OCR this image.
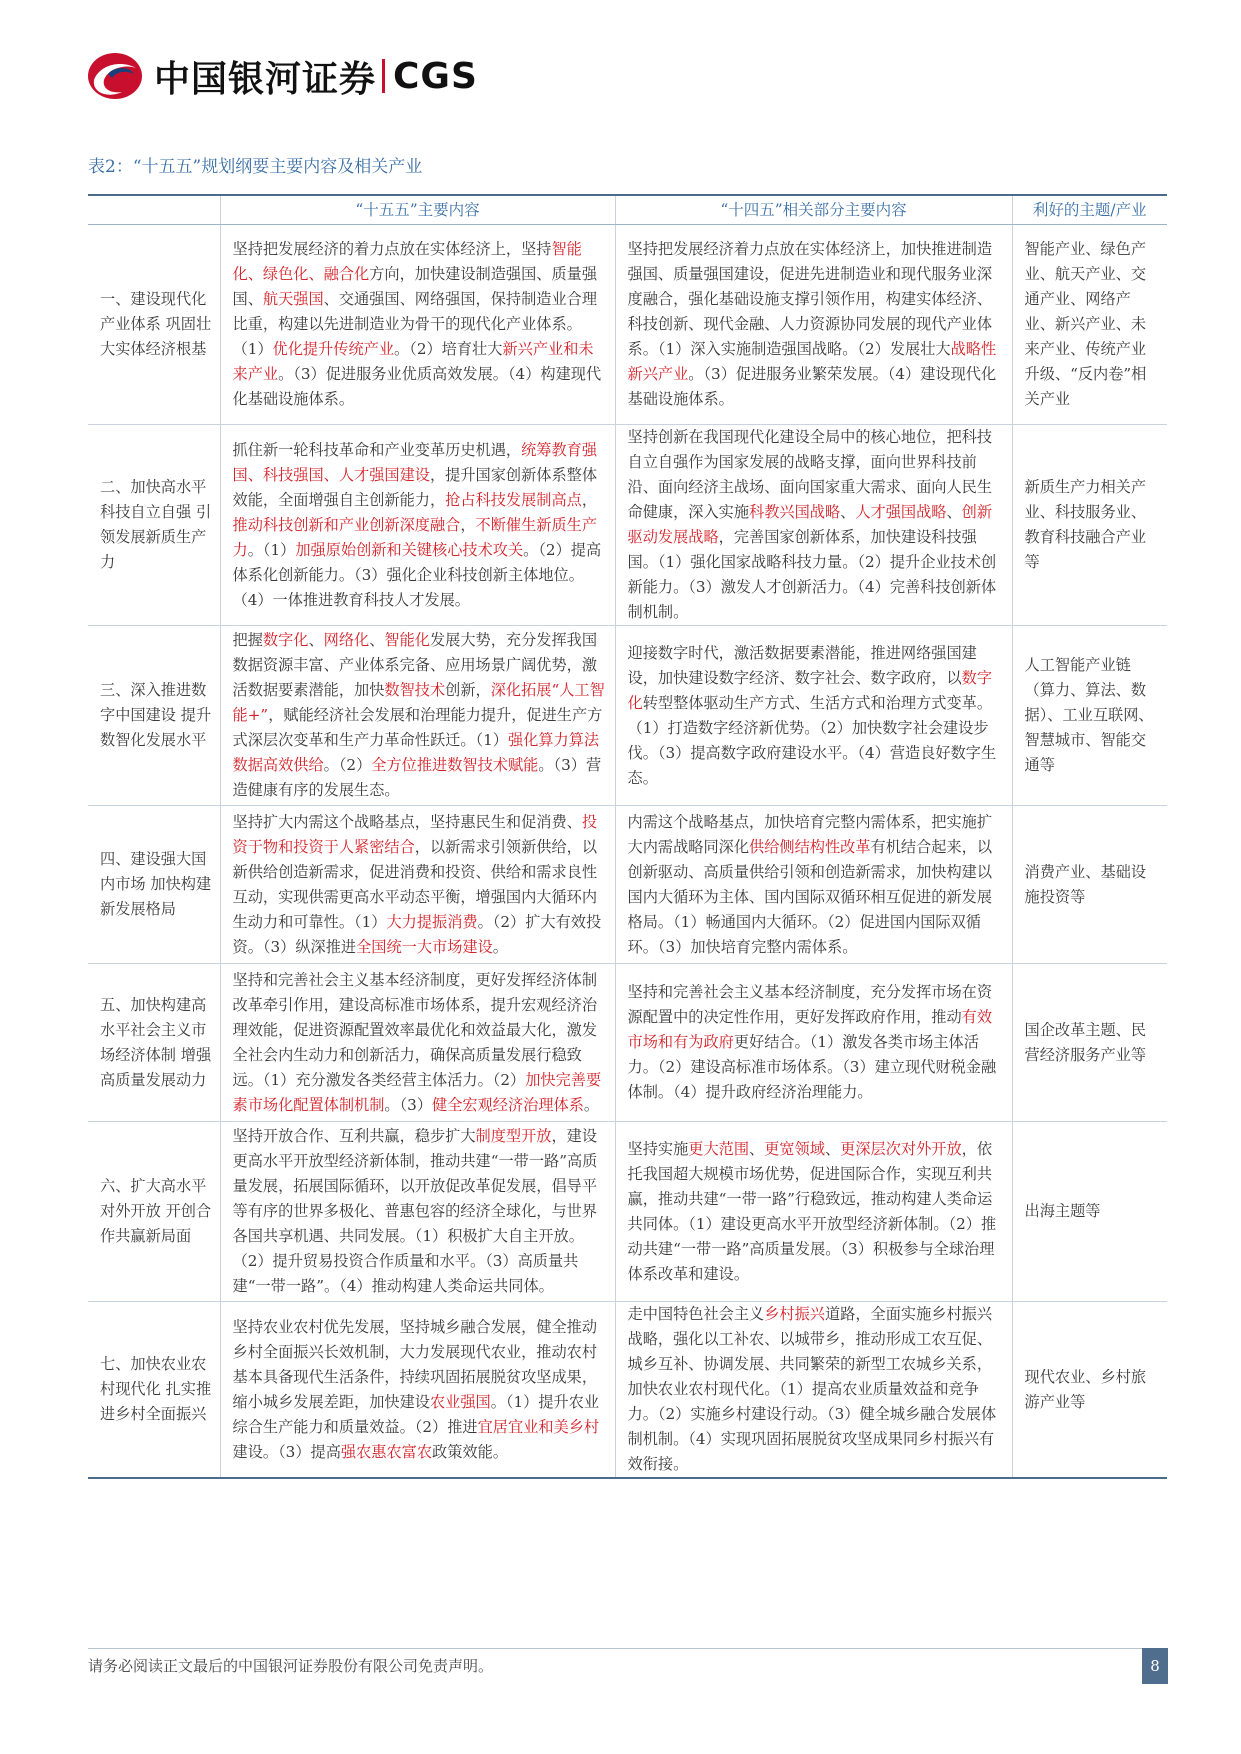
中国银河证券 CGS
表2：“十五五”规划纲要主要内容及相关产业
	“十五五”主要内容	“十四五”相关部分主要内容	利好的主题/产业
一、建设现代化产业体系 巩固壮大实体经济根基	坚持把发展经济的着力点放在实体经济上，坚持智能化、绿色化、融合化方向，加快建设制造强国、质量强国、航天强国、交通强国、网络强国，保持制造业合理比重，构建以先进制造业为骨干的现代化产业体系。（1）优化提升传统产业。（2）培育壮大新兴产业和未来产业。（3）促进服务业优质高效发展。（4）构建现代化基础设施体系。	坚持把发展经济着力点放在实体经济上，加快推进制造强国、质量强国建设，促进先进制造业和现代服务业深度融合，强化基础设施支撑引领作用，构建实体经济、科技创新、现代金融、人力资源协同发展的现代产业体系。（1）深入实施制造强国战略。（2）发展壮大战略性新兴产业。（3）促进服务业繁荣发展。（4）建设现代化基础设施体系。	智能产业、绿色产业、航天产业、交通产业、网络产业、新兴产业、未来产业、传统产业升级、“反内卷”相关产业
二、加快高水平科技自立自强 引领发展新质生产力	抓住新一轮科技革命和产业变革历史机遇，统筹教育强国、科技强国、人才强国建设，提升国家创新体系整体效能，全面增强自主创新能力，抢占科技发展制高点，推动科技创新和产业创新深度融合，不断催生新质生产力。（1）加强原始创新和关键核心技术攻关。（2）提高体系化创新能力。（3）强化企业科技创新主体地位。（4）一体推进教育科技人才发展。	坚持创新在我国现代化建设全局中的核心地位，把科技自立自强作为国家发展的战略支撑，面向世界科技前沿、面向经济主战场、面向国家重大需求、面向人民生命健康，深入实施科教兴国战略、人才强国战略、创新驱动发展战略，完善国家创新体系，加快建设科技强国。（1）强化国家战略科技力量。（2）提升企业技术创新能力。（3）激发人才创新活力。（4）完善科技创新体制机制。	新质生产力相关产业、科技服务业、教育科技融合产业等
三、深入推进数字中国建设 提升数智化发展水平	把握数字化、网络化、智能化发展大势，充分发挥我国数据资源丰富、产业体系完备、应用场景广阔优势，激活数据要素潜能，加快数智技术创新，深化拓展“人工智能+”，赋能经济社会发展和治理能力提升，促进生产方式深层次变革和生产力革命性跃迁。（1）强化算力算法数据高效供给。（2）全方位推进数智技术赋能。（3）营造健康有序的发展生态。	迎接数字时代，激活数据要素潜能，推进网络强国建设，加快建设数字经济、数字社会、数字政府，以数字化转型整体驱动生产方式、生活方式和治理方式变革。（1）打造数字经济新优势。（2）加快数字社会建设步伐。（3）提高数字政府建设水平。（4）营造良好数字生态。	人工智能产业链（算力、算法、数据）、工业互联网、智慧城市、智能交通等
四、建设强大国内市场 加快构建新发展格局	坚持扩大内需这个战略基点，坚持惠民生和促消费、投资于物和投资于人紧密结合，以新需求引领新供给，以新供给创造新需求，促进消费和投资、供给和需求良性互动，实现供需更高水平动态平衡，增强国内大循环内生动力和可靠性。（1）大力提振消费。（2）扩大有效投资。（3）纵深推进全国统一大市场建设。	内需这个战略基点，加快培育完整内需体系，把实施扩大内需战略同深化供给侧结构性改革有机结合起来，以创新驱动、高质量供给引领和创造新需求，加快构建以国内大循环为主体、国内国际双循环相互促进的新发展格局。（1）畅通国内大循环。（2）促进国内国际双循环。（3）加快培育完整内需体系。	消费产业、基础设施投资等
五、加快构建高水平社会主义市场经济体制 增强高质量发展动力	坚持和完善社会主义基本经济制度，更好发挥经济体制改革牵引作用，建设高标准市场体系，提升宏观经济治理效能，促进资源配置效率最优化和效益最大化，激发全社会内生动力和创新活力，确保高质量发展行稳致远。（1）充分激发各类经营主体活力。（2）加快完善要素市场化配置体制机制。（3）健全宏观经济治理体系。	坚持和完善社会主义基本经济制度，充分发挥市场在资源配置中的决定性作用，更好发挥政府作用，推动有效市场和有为政府更好结合。（1）激发各类市场主体活力。（2）建设高标准市场体系。（3）建立现代财税金融体制。（4）提升政府经济治理能力。	国企改革主题、民营经济服务产业等
六、扩大高水平对外开放 开创合作共赢新局面	坚持开放合作、互利共赢，稳步扩大制度型开放，建设更高水平开放型经济新体制，推动共建“一带一路”高质量发展，拓展国际循环，以开放促改革促发展，倡导平等有序的世界多极化、普惠包容的经济全球化，与世界各国共享机遇、共同发展。（1）积极扩大自主开放。（2）提升贸易投资合作质量和水平。（3）高质量共建“一带一路”。（4）推动构建人类命运共同体。	坚持实施更大范围、更宽领域、更深层次对外开放，依托我国超大规模市场优势，促进国际合作，实现互利共赢，推动共建“一带一路”行稳致远，推动构建人类命运共同体。（1）建设更高水平开放型经济新体制。（2）推动共建“一带一路”高质量发展。（3）积极参与全球治理体系改革和建设。	出海主题等
七、加快农业农村现代化 扎实推进乡村全面振兴	坚持农业农村优先发展，坚持城乡融合发展，健全推动乡村全面振兴长效机制，大力发展现代农业，推动农村基本具备现代生活条件，持续巩固拓展脱贫攻坚成果，缩小城乡发展差距，加快建设农业强国。（1）提升农业综合生产能力和质量效益。（2）推进宜居宜业和美乡村建设。（3）提高强农惠农富农政策效能。	走中国特色社会主义乡村振兴道路，全面实施乡村振兴战略，强化以工补农、以城带乡，推动形成工农互促、城乡互补、协调发展、共同繁荣的新型工农城乡关系，加快农业农村现代化。（1）提高农业质量效益和竞争力。（2）实施乡村建设行动。（3）健全城乡融合发展体制机制。（4）实现巩固拓展脱贫攻坚成果同乡村振兴有效衔接。	现代农业、乡村旅游产业等
请务必阅读正文最后的中国银河证券股份有限公司免责声明。	8
